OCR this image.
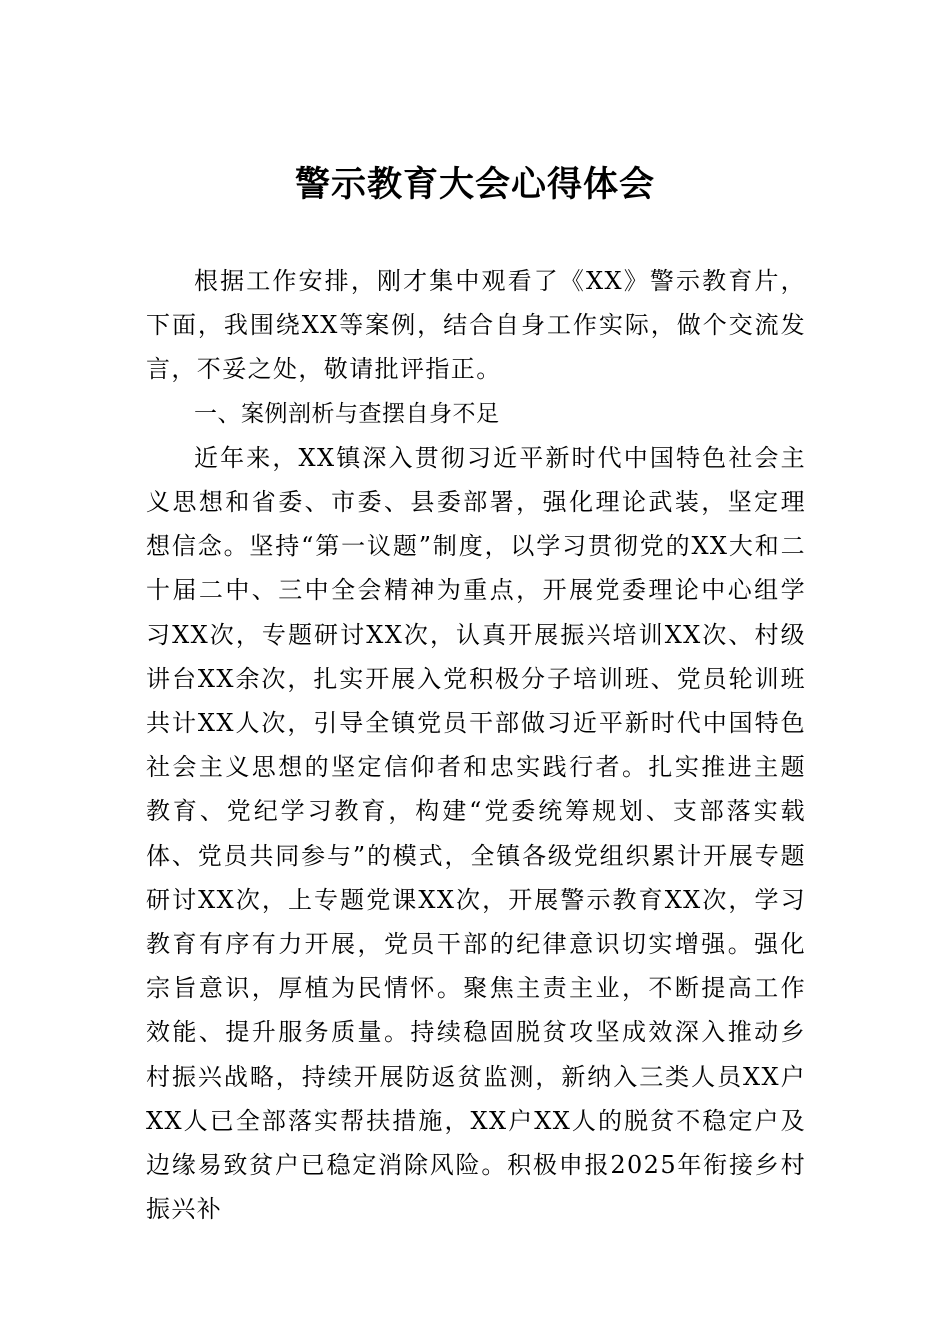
警示教育大会心得体会

根据工作安排，刚才集中观看了《XX》警示教育片，下面，我围绕XX等案例，结合自身工作实际，做个交流发言，不妥之处，敬请批评指正。

一、案例剖析与查摆自身不足

近年来，XX镇深入贯彻习近平新时代中国特色社会主义思想和省委、市委、县委部署，强化理论武装，坚定理想信念。坚持“第一议题”制度，以学习贯彻党的XX大和二十届二中、三中全会精神为重点，开展党委理论中心组学习XX次，专题研讨XX次，认真开展振兴培训XX次、村级讲台XX余次，扎实开展入党积极分子培训班、党员轮训班共计XX人次，引导全镇党员干部做习近平新时代中国特色社会主义思想的坚定信仰者和忠实践行者。扎实推进主题教育、党纪学习教育，构建“党委统筹规划、支部落实载体、党员共同参与”的模式，全镇各级党组织累计开展专题研讨XX次，上专题党课XX次，开展警示教育XX次，学习教育有序有力开展，党员干部的纪律意识切实增强。强化宗旨意识，厚植为民情怀。聚焦主责主业，不断提高工作效能、提升服务质量。持续稳固脱贫攻坚成效深入推动乡村振兴战略，持续开展防返贫监测，新纳入三类人员XX户XX人已全部落实帮扶措施，XX户XX人的脱贫不稳定户及边缘易致贫户已稳定消除风险。积极申报2025年衔接乡村振兴补
